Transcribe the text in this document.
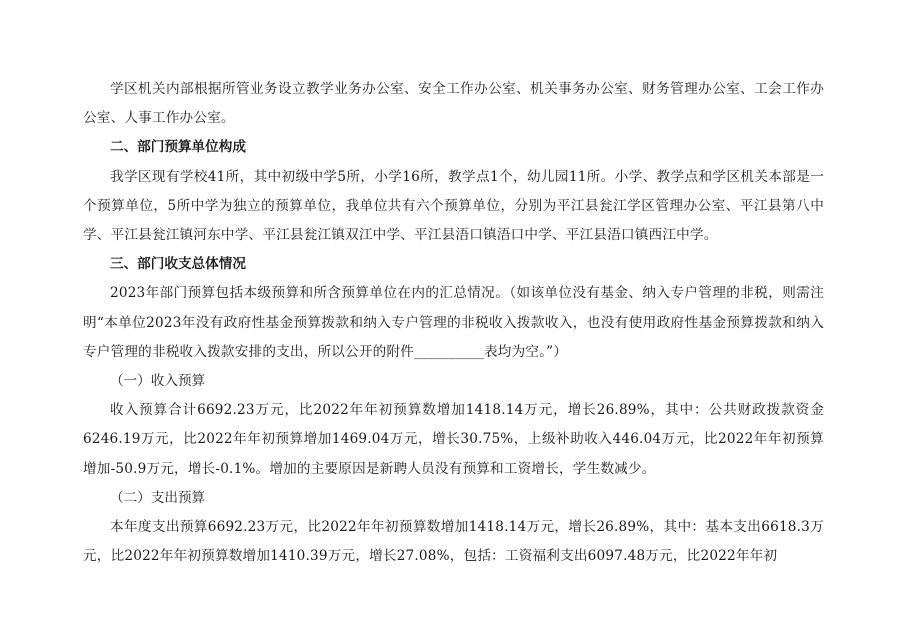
学区机关内部根据所管业务设立教学业务办公室、安全工作办公室、机关事务办公室、财务管理办公室、工会工作办公室、人事工作办公室。

二、部门预算单位构成

我学区现有学校41所，其中初级中学5所，小学16所，教学点1个，幼儿园11所。小学、教学点和学区机关本部是一个预算单位，5所中学为独立的预算单位，我单位共有六个预算单位，分别为平江县瓮江学区管理办公室、平江县第八中学、平江县瓮江镇河东中学、平江县瓮江镇双江中学、平江县浯口镇浯口中学、平江县浯口镇西江中学。

三、部门收支总体情况

2023年部门预算包括本级预算和所含预算单位在内的汇总情况。（如该单位没有基金、纳入专户管理的非税，则需注明“本单位2023年没有政府性基金预算拨款和纳入专户管理的非税收入拨款收入，也没有使用政府性基金预算拨款和纳入专户管理的非税收入拨款安排的支出，所以公开的附件__________表均为空。”）

（一）收入预算

收入预算合计6692.23万元，比2022年年初预算数增加1418.14万元，增长26.89%，其中：公共财政拨款资金6246.19万元，比2022年年初预算增加1469.04万元，增长30.75%，上级补助收入446.04万元，比2022年年初预算增加-50.9万元，增长-0.1%。增加的主要原因是新聘人员没有预算和工资增长，学生数减少。

（二）支出预算

本年度支出预算6692.23万元，比2022年年初预算数增加1418.14万元，增长26.89%，其中：基本支出6618.3万元，比2022年年初预算数增加1410.39万元，增长27.08%，包括：工资福利支出6097.48万元，比2022年年初
